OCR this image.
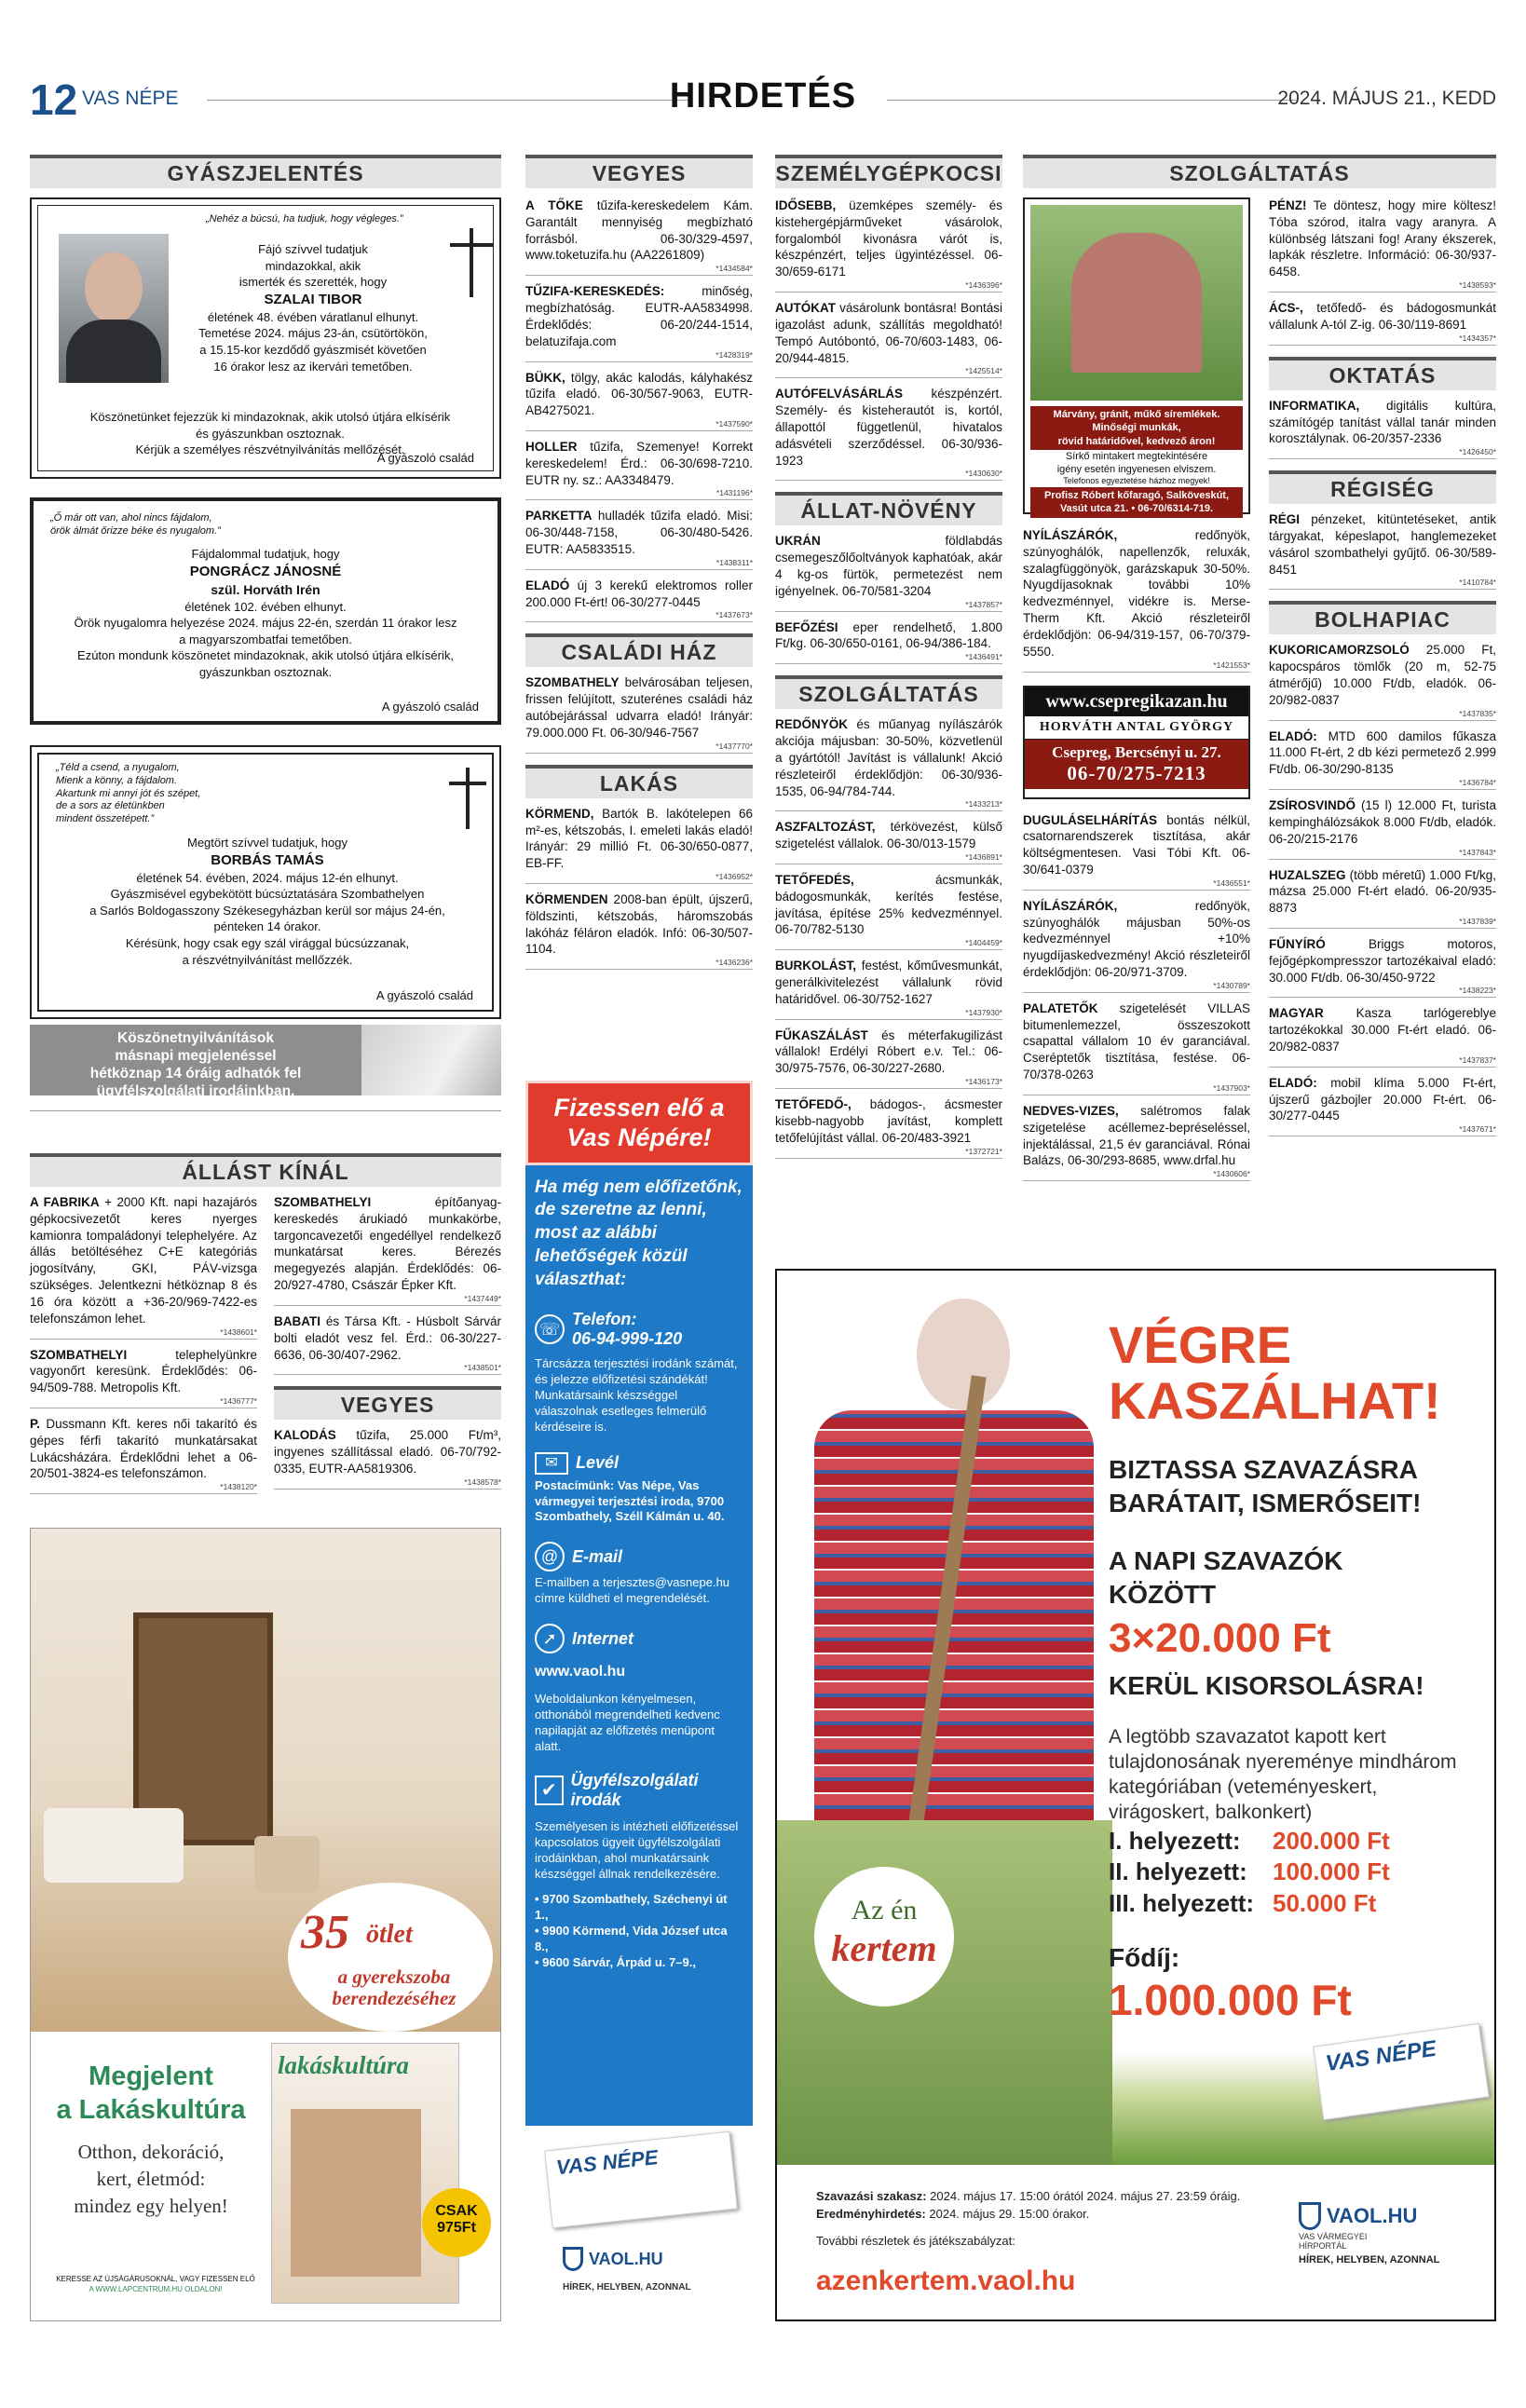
12 VAS NÉPE	HIRDETÉS	2024. MÁJUS 21., KEDD
GYÁSZJELENTÉS
„Nehéz a búcsú, ha tudjuk, hogy végleges.”
Fájó szívvel tudatjuk
mindazokkal, akik
ismerték és szerették, hogy
SZALAI TIBOR
életének 48. évében váratlanul elhunyt.
Temetése 2024. május 23-án, csütörtökön,
a 15.15-kor kezdődő gyászmisét követően
16 órakor lesz az ikervári temetőben.
Köszönetünket fejezzük ki mindazoknak, akik utolsó útjára elkísérik
és gyászunkban osztoznak.
Kérjük a személyes részvétnyilvánítás mellőzését.
A gyászoló család
„Ő már ott van, ahol nincs fájdalom,
örök álmát őrizze béke és nyugalom.”
Fájdalommal tudatjuk, hogy
PONGRÁCZ JÁNOSNÉ
szül. Horváth Irén
életének 102. évében elhunyt.
Örök nyugalomra helyezése 2024. május 22-én, szerdán 11 órakor lesz
a magyarszombatfai temetőben.
Ezúton mondunk köszönetet mindazoknak, akik utolsó útjára elkísérik,
gyászunkban osztoznak.
A gyászoló család
„Téld a csend, a nyugalom,
Mienk a könny, a fájdalom.
Akartunk mi annyi jót és szépet,
de a sors az életünkben
mindent összetépett.”
Megtört szívvel tudatjuk, hogy
BORBÁS TAMÁS
életének 54. évében, 2024. május 12-én elhunyt.
Gyászmisével egybekötött búcsúztatására Szombathelyen
a Sarlós Boldogasszony Székesegyházban kerül sor május 24-én,
pénteken 14 órakor.
Kérésünk, hogy csak egy szál virággal búcsúzzanak,
a részvétnyilvánítást mellőzzék.
A gyászoló család
Köszönetnyilvánítások
másnapi megjelenéssel
hétköznap 14 óráig adhatók fel
ügyfélszolgálati irodáinkban.
ÁLLÁST KÍNÁL

A FABRIKA + 2000 Kft. napi hazajárós gépkocsivezetőt keres nyerges kamionra tompaládonyi telephelyére. Az állás betöltéséhez C+E kategóriás jogosítvány, GKI, PÁV-vizsga szükséges. Jelentkezni hétköznap 8 és 16 óra között a +36-20/969-7422-es telefonszámon lehet.

*1438601*

SZOMBATHELYI telephelyünkre vagyonőrt keresünk. Érdeklődés: 06-94/509-788. Metropolis Kft.

*1436777*

P. Dussmann Kft. keres női takarító és gépes férfi takarító munkatársakat Lukácsházára. Érdeklődni lehet a 06-20/501-3824-es telefonszámon.

*1438120*

SZOMBATHELYI építőanyag-kereskedés árukiadó munkakörbe, targoncavezetői engedéllyel rendelkező munkatársat keres. Bérezés megegyezés alapján. Érdeklődés: 06-20/927-4780, Császár Épker Kft.

*1437449*

BABATI és Társa Kft. - Húsbolt Sárvár bolti eladót vesz fel. Érd.: 06-30/227-6636, 06-30/407-2962.

*1438501*
VEGYES

KALODÁS tűzifa, 25.000 Ft/m³, ingyenes szállítással eladó. 06-70/792-0335, EUTR-AA5819306.

*1438578*
35 ötlet
a gyerekszoba
berendezéséhez
Megjelent
a Lakáskultúra
Otthon, dekoráció,
kert, életmód:
mindez egy helyen!
lakáskultúra
CSAK 975Ft
KERESSE AZ ÚJSÁGÁRUSOKNÁL, VAGY FIZESSEN ELŐ
A WWW.LAPCENTRUM.HU OLDALON!
VEGYES

A TŐKE tűzifa-kereskedelem Kám. Garantált mennyiség megbízható forrásból. 06-30/329-4597, www.toketuzifa.hu (AA2261809)

*1434584*

TŰZIFA-KERESKEDÉS: minőség, megbízhatóság. EUTR-AA5834998. Érdeklődés: 06-20/244-1514, belatuzifaja.com

*1428319*

BÜKK, tölgy, akác kalodás, kályhakész tűzifa eladó. 06-30/567-9063, EUTR-AB4275021.

*1437590*

HOLLER tűzifa, Szemenye! Korrekt kereskedelem! Érd.: 06-30/698-7210. EUTR ny. sz.: AA3348479.

*1431196*

PARKETTA hulladék tűzifa eladó. Misi: 06-30/448-7158, 06-30/480-5426. EUTR: AA5833515.

*1438311*

ELADÓ új 3 kerekű elektromos roller 200.000 Ft-ért! 06-30/277-0445

*1437673*
CSALÁDI HÁZ

SZOMBATHELY belvárosában teljesen, frissen felújított, szuterénes családi ház autóbejárással udvarra eladó! Irányár: 79.000.000 Ft. 06-30/946-7567

*1437770*
LAKÁS

KÖRMEND, Bartók B. lakótelepen 66 m²-es, kétszobás, I. emeleti lakás eladó! Irányár: 29 millió Ft. 06-30/650-0877, EB-FF.

*1436952*

KÖRMENDEN 2008-ban épült, újszerű, földszinti, kétszobás, háromszobás lakóház féláron eladók. Infó: 06-30/507-1104.

*1436236*
Fizessen elő a Vas Népére!
Ha még nem előfizetőnk, de szeretne az lenni, most az alábbi lehetőségek közül választhat:
☏
Telefon:
06-94-999-120

Tárcsázza terjesztési irodánk számát, és jelezze előfizetési szándékát! Munkatársaink készséggel válaszolnak esetleges felmerülő kérdéseire is.

✉	Levél

Postacímünk: Vas Népe, Vas vármegyei terjesztési iroda, 9700 Szombathely, Széll Kálmán u. 40.

@ E-mail

E-mailben a terjesztes@vasnepe.hu címre küldheti el megrendelését.

➚ Internet

www.vaol.hu

Weboldalunkon kényelmesen, otthonából megrendelheti kedvenc napilapját az előfizetés menüpont alatt.

✔ Ügyfélszolgálati irodák

Személyesen is intézheti előfizetéssel kapcsolatos ügyeit ügyfélszolgálati irodáinkban, ahol munkatársaink készséggel állnak rendelkezésére.

• 9700 Szombathely, Széchenyi út 1.,

• 9900 Körmend, Vida József utca 8.,

• 9600 Sárvár, Árpád u. 7–9.,

VAS NÉPE
VAOL.HU
HÍREK, HELYBEN, AZONNAL
SZEMÉLYGÉPKOCSI

IDŐSEBB, üzemképes személy- és kistehergépjárműveket vásárolok, forgalomból kivonásra várót is, készpénzért, teljes ügyintézéssel. 06-30/659-6171

*1436396*

AUTÓKAT vásárolunk bontásra! Bontási igazolást adunk, szállítás megoldható! Tempó Autóbontó, 06-70/603-1483, 06-20/944-4815.

*1425514*

AUTÓFELVÁSÁRLÁS készpénzért. Személy- és kisteherautót is, kortól, állapottól függetlenül, hivatalos adásvételi szerződéssel. 06-30/936-1923

*1430630*
ÁLLAT-NÖVÉNY

UKRÁN földlabdás csemegeszőlőoltványok kaphatóak, akár 4 kg-os fürtök, permetezést nem igényelnek. 06-70/581-3204

*1437857*

BEFŐZÉSI eper rendelhető, 1.800 Ft/kg. 06-30/650-0161, 06-94/386-184.

*1436491*
SZOLGÁLTATÁS

REDŐNYÖK és műanyag nyílászárók akciója májusban: 30-50%, közvetlenül a gyártótól! Javítást is vállalunk! Akció részleteiről érdeklődjön: 06-30/936-1535, 06-94/784-744.

*1433213*

ASZFALTOZÁST, térkövezést, külső szigetelést vállalok. 06-30/013-1579

*1436891*

TETŐFEDÉS, ácsmunkák, bádogosmunkák, kerítés festése, javítása, építése 25% kedvezménnyel. 06-70/782-5130

*1404459*

BURKOLÁST, festést, kőművesmunkát, generálkivitelezést vállalunk rövid határidővel. 06-30/752-1627

*1437930*

FŰKASZÁLÁST és méterfakugilizást vállalok! Erdélyi Róbert e.v. Tel.: 06-30/975-7576, 06-30/227-2680.

*1436173*

TETŐFEDŐ-, bádogos-, ácsmester kisebb-nagyobb javítást, komplett tetőfelújítást vállal. 06-20/483-3921

*1372721*
SZOLGÁLTATÁS
Márvány, gránit, műkő síremlékek.
Minőségi munkák,
rövid határidővel, kedvező áron!
Sírkő mintakert megtekintésére
igény esetén ingyenesen elviszem.
Telefonos egyeztetése házhoz megyek!
Profisz Róbert kőfaragó, Salköveskút,
Vasút utca 21. • 06-70/6314-719.

NYÍLÁSZÁRÓK, redőnyök, szúnyoghálók, napellenzők, reluxák, szalagfüggönyök, garázskapuk 30-50%. Nyugdíjasoknak további 10% kedvezménnyel, vidékre is. Merse-Therm Kft. Akció részleteiről érdeklődjön: 06-94/319-157, 06-70/379-5550.

*1421553*
www.csepregikazan.hu
HORVÁTH ANTAL GYÖRGY
Csepreg, Bercsényi u. 27.
06-70/275-7213

DUGULÁSELHÁRÍTÁS bontás nélkül, csatornarendszerek tisztítása, akár költségmentesen. Vasi Tóbi Kft. 06-30/641-0379

*1436551*

NYÍLÁSZÁRÓK, redőnyök, szúnyoghálók májusban 50%-os kedvezménnyel +10% nyugdíjaskedvezmény! Akció részleteiről érdeklődjön: 06-20/971-3709.

*1430789*

PALATETŐK szigetelését VILLAS bitumenlemezzel, összeszokott csapattal vállalom 10 év garanciával. Cseréptetők tisztítása, festése. 06-70/378-0263

*1437903*

NEDVES-VIZES, salétromos falak szigetelése acéllemez-bepréseléssel, injektálással, 21,5 év garanciával. Rónai Balázs, 06-30/293-8685, www.drfal.hu

*1430606*

PÉNZ! Te döntesz, hogy mire költesz! Tóba szórod, italra vagy aranyra. A különbség látszani fog! Arany ékszerek, lapkák részletre. Információ: 06-30/937-6458.

*1438593*

ÁCS-, tetőfedő- és bádogosmunkát vállalunk A-tól Z-ig. 06-30/119-8691

*1434357*
OKTATÁS

INFORMATIKA, digitális kultúra, számítógép tanítást vállal tanár minden korosztálynak. 06-20/357-2336

*1426450*
RÉGISÉG

RÉGI pénzeket, kitüntetéseket, antik tárgyakat, képeslapot, hanglemezeket vásárol szombathelyi gyűjtő. 06-30/589-8451

*1410784*
BOLHAPIAC

KUKORICAMORZSOLÓ 25.000 Ft, kapocspáros tömlők (20 m, 52-75 átmérőjű) 10.000 Ft/db, eladók. 06-20/982-0837

*1437835*

ELADÓ: MTD 600 damilos fűkasza 11.000 Ft-ért, 2 db kézi permetező 2.999 Ft/db. 06-30/290-8135

*1436784*

ZSÍROSVINDŐ (15 l) 12.000 Ft, turista kempinghálózsákok 8.000 Ft/db, eladók. 06-20/215-2176

*1437843*

HUZALSZEG (több méretű) 1.000 Ft/kg, mázsa 25.000 Ft-ért eladó. 06-20/935-8873

*1437839*

FŰNYÍRÓ Briggs motoros, fejőgépkompresszor tartozékaival eladó: 30.000 Ft/db. 06-30/450-9722

*1438223*

MAGYAR Kasza tarlógereblye tartozékokkal 30.000 Ft-ért eladó. 06-20/982-0837

*1437837*

ELADÓ: mobil klíma 5.000 Ft-ért, újszerű gázbojler 20.000 Ft-ért. 06-30/277-0445

*1437671*
Az én
kertem
VÉGRE
KASZÁLHAT!
BIZTASSA SZAVAZÁSRA
BARÁTAIT, ISMERŐSEIT!
A NAPI SZAVAZÓK
KÖZÖTT
3×20.000 Ft
KERÜL KISORSOLÁSRA!
A legtöbb szavazatot kapott kert
tulajdonosának nyereménye mindhárom
kategóriában (veteményeskert,
virágoskert, balkonkert)
I. helyezett: 200.000 Ft
II. helyezett: 100.000 Ft
III. helyezett: 50.000 Ft
Fődíj:
1.000.000 Ft
VAS NÉPE
Szavazási szakasz: 2024. május 17. 15:00 órától 2024. május 27. 23:59 óráig.
Eredményhirdetés: 2024. május 29. 15:00 órakor.
További részletek és játékszabályzat:
azenkertem.vaol.hu
VAOL.HU
VAS VÁRMEGYEI
HÍRPORTÁL
HÍREK, HELYBEN, AZONNAL
